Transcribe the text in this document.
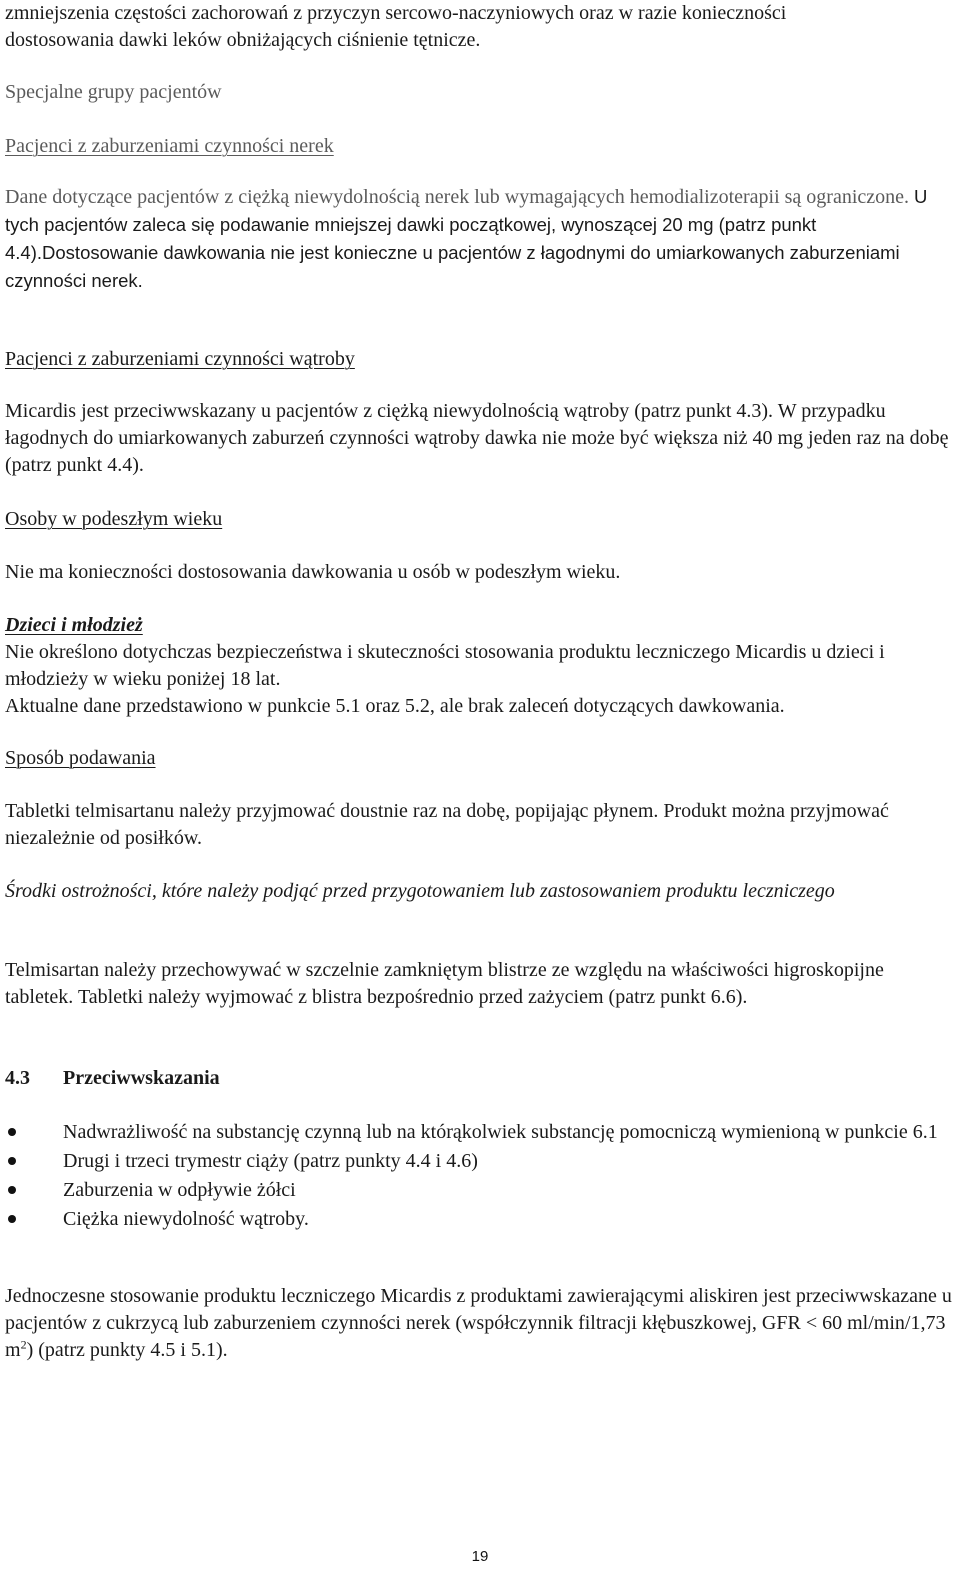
zmniejszenia częstości zachorowań z przyczyn sercowo-naczyniowych oraz w razie konieczności
dostosowania dawki leków obniżających ciśnienie tętnicze.
Specjalne grupy pacjentów
Pacjenci z zaburzeniami czynności nerek
Dane dotyczące pacjentów z ciężką niewydolnością nerek lub wymagających hemodializoterapii są ograniczone. U tych pacjentów zaleca się podawanie mniejszej dawki początkowej, wynoszącej 20 mg (patrz punkt 4.4).Dostosowanie dawkowania nie jest konieczne u pacjentów z łagodnymi do umiarkowanych zaburzeniami czynności nerek.
Pacjenci z zaburzeniami czynności wątroby
Micardis jest przeciwwskazany u pacjentów z ciężką niewydolnością wątroby (patrz punkt 4.3). W przypadku łagodnych do umiarkowanych zaburzeń czynności wątroby dawka nie może być większa niż 40 mg jeden raz na dobę (patrz punkt 4.4).
Osoby w podeszłym wieku
Nie ma konieczności dostosowania dawkowania u osób w podeszłym wieku.
Dzieci i młodzież
Nie określono dotychczas bezpieczeństwa i skuteczności stosowania produktu leczniczego Micardis u dzieci i młodzieży w wieku poniżej 18 lat.
Aktualne dane przedstawiono w punkcie 5.1 oraz 5.2, ale brak zaleceń dotyczących dawkowania.
Sposób podawania
Tabletki telmisartanu należy przyjmować doustnie raz na dobę, popijając płynem. Produkt można przyjmować niezależnie od posiłków.
Środki ostrożności, które należy podjąć przed przygotowaniem lub zastosowaniem produktu leczniczego
Telmisartan należy przechowywać w szczelnie zamkniętym blistrze ze względu na właściwości higroskopijne tabletek. Tabletki należy wyjmować z blistra bezpośrednio przed zażyciem (patrz punkt 6.6).
4.3 Przeciwwskazania
Nadwrażliwość na substancję czynną lub na którąkolwiek substancję pomocniczą wymienioną w punkcie 6.1
Drugi i trzeci trymestr ciąży (patrz punkty 4.4 i 4.6)
Zaburzenia w odpływie żółci
Ciężka niewydolność wątroby.
Jednoczesne stosowanie produktu leczniczego Micardis z produktami zawierającymi aliskiren jest przeciwwskazane u pacjentów z cukrzycą lub zaburzeniem czynności nerek (współczynnik filtracji kłębuszkowej, GFR < 60 ml/min/1,73 $m^2$) (patrz punkty 4.5 i 5.1).
19
